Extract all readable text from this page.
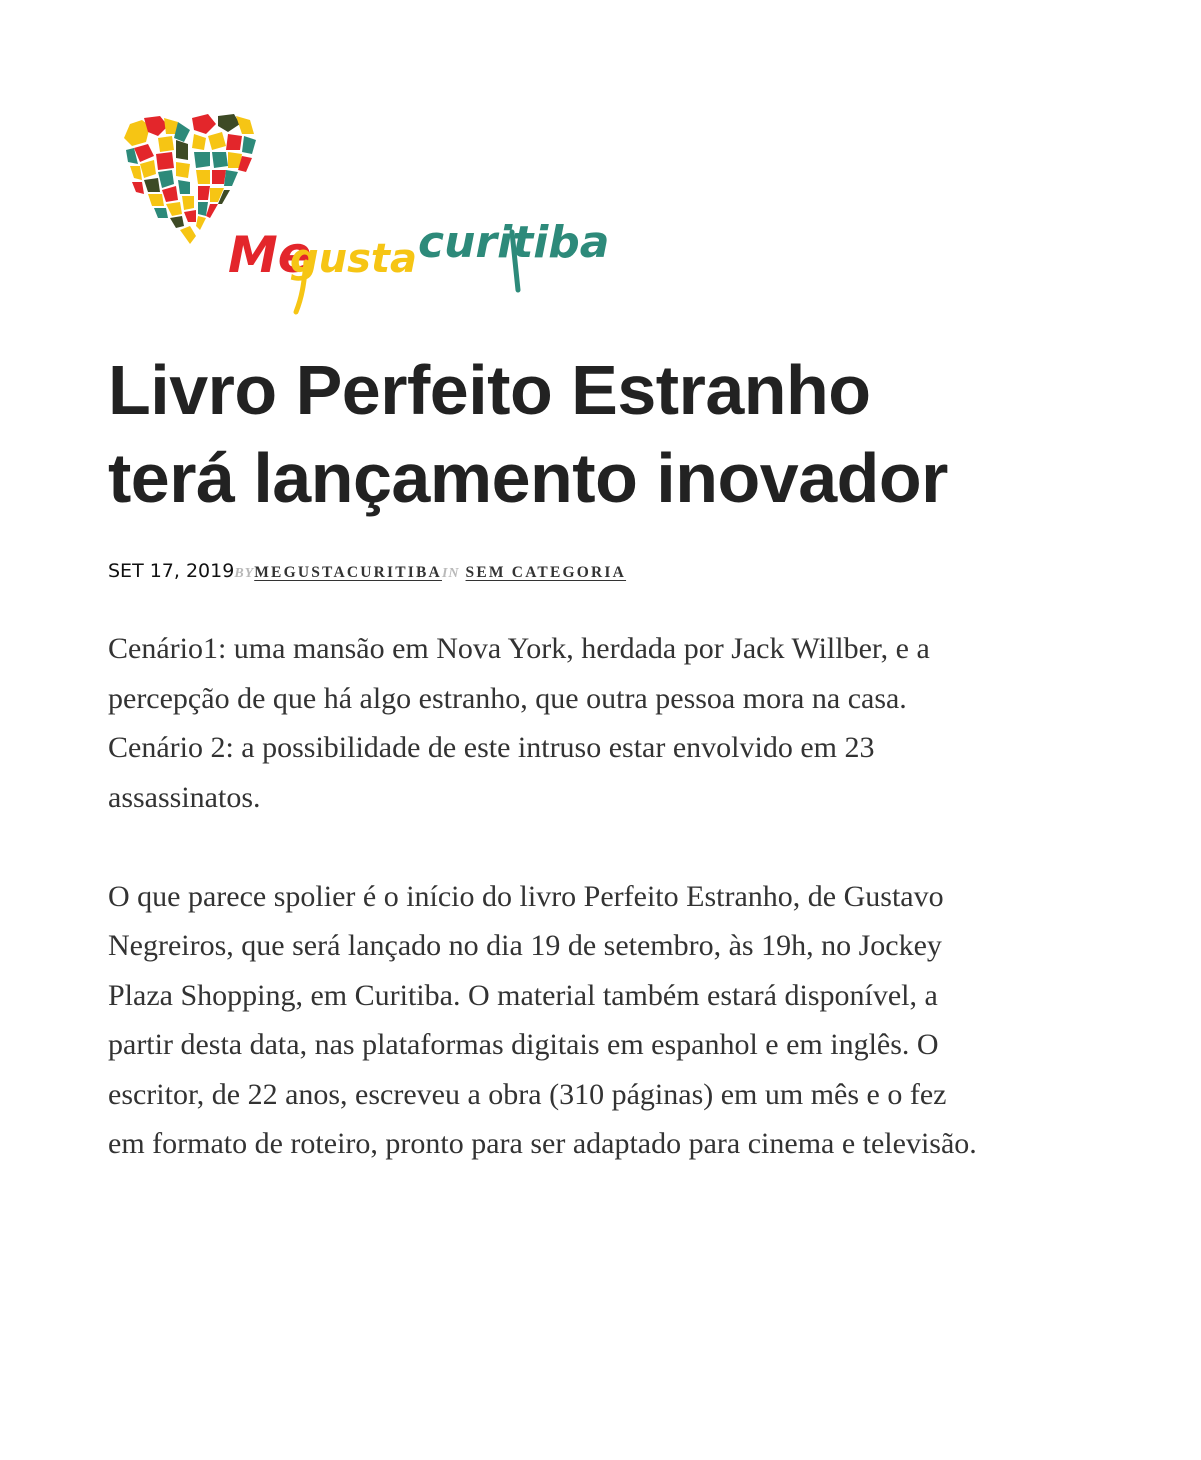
Me
gusta curitiba
Livro Perfeito Estranho
terá lançamento inovador
SET 17, 2019 BY MEGUSTACURITIBA IN SEM CATEGORIA

Cenário1: uma mansão em Nova York, herdada por Jack Willber, e a
percepção de que há algo estranho, que outra pessoa mora na casa.
Cenário 2: a possibilidade de este intruso estar envolvido em 23
assassinatos.

O que parece spolier é o início do livro Perfeito Estranho, de Gustavo
Negreiros, que será lançado no dia 19 de setembro, às 19h, no Jockey
Plaza Shopping, em Curitiba. O material também estará disponível, a
partir desta data, nas plataformas digitais em espanhol e em inglês. O
escritor, de 22 anos, escreveu a obra (310 páginas) em um mês e o fez
em formato de roteiro, pronto para ser adaptado para cinema e televisão.
